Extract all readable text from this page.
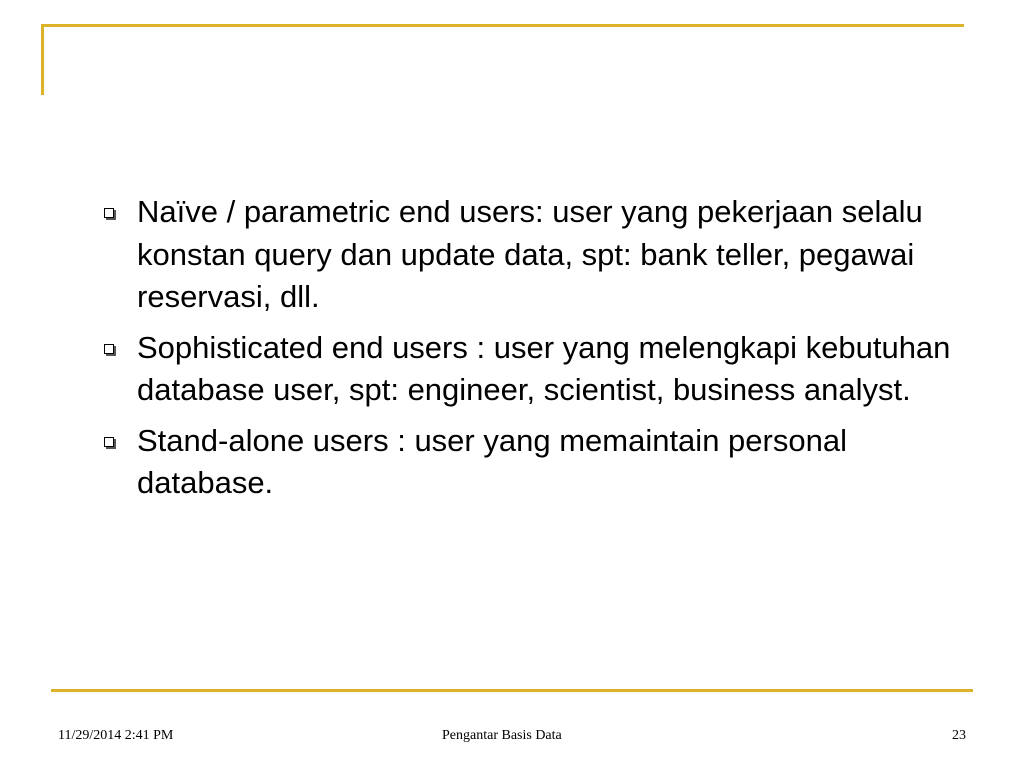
Naïve / parametric end users: user yang pekerjaan selalu konstan query dan update data, spt: bank teller, pegawai reservasi, dll.
Sophisticated end users : user yang melengkapi kebutuhan database user, spt: engineer, scientist, business analyst.
Stand-alone users : user yang memaintain personal database.
11/29/2014 2:41 PM	Pengantar Basis Data	23
